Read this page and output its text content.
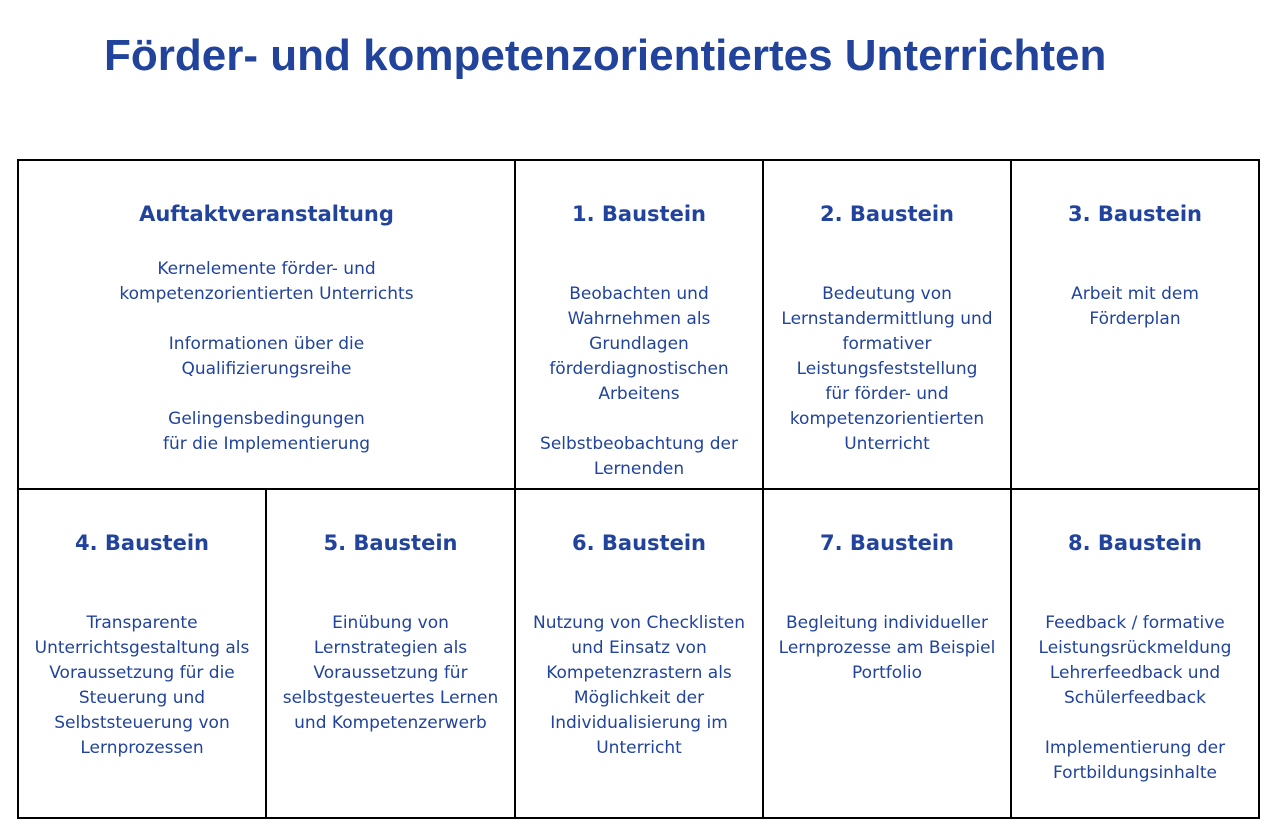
Förder- und kompetenzorientiertes Unterrichten
Auftaktveranstaltung
Kernelemente förder- und
kompetenzorientierten Unterrichts
Informationen über die
Qualifizierungsreihe
Gelingensbedingungen
für die Implementierung
1. Baustein
Beobachten und
Wahrnehmen als
Grundlagen
förderdiagnostischen
Arbeitens
Selbstbeobachtung der
Lernenden
2. Baustein
Bedeutung von
Lernstandermittlung und
formativer
Leistungsfeststellung
für förder- und
kompetenzorientierten
Unterricht
3. Baustein
Arbeit mit dem
Förderplan
4. Baustein
Transparente
Unterrichtsgestaltung als
Voraussetzung für die
Steuerung und
Selbststeuerung von
Lernprozessen
5. Baustein
Einübung von
Lernstrategien als
Voraussetzung für
selbstgesteuertes Lernen
und Kompetenzerwerb
6. Baustein
Nutzung von Checklisten
und Einsatz von
Kompetenzrastern als
Möglichkeit der
Individualisierung im
Unterricht
7. Baustein
Begleitung individueller
Lernprozesse am Beispiel
Portfolio
8. Baustein
Feedback / formative
Leistungsrückmeldung
Lehrerfeedback und
Schülerfeedback
Implementierung der
Fortbildungsinhalte
